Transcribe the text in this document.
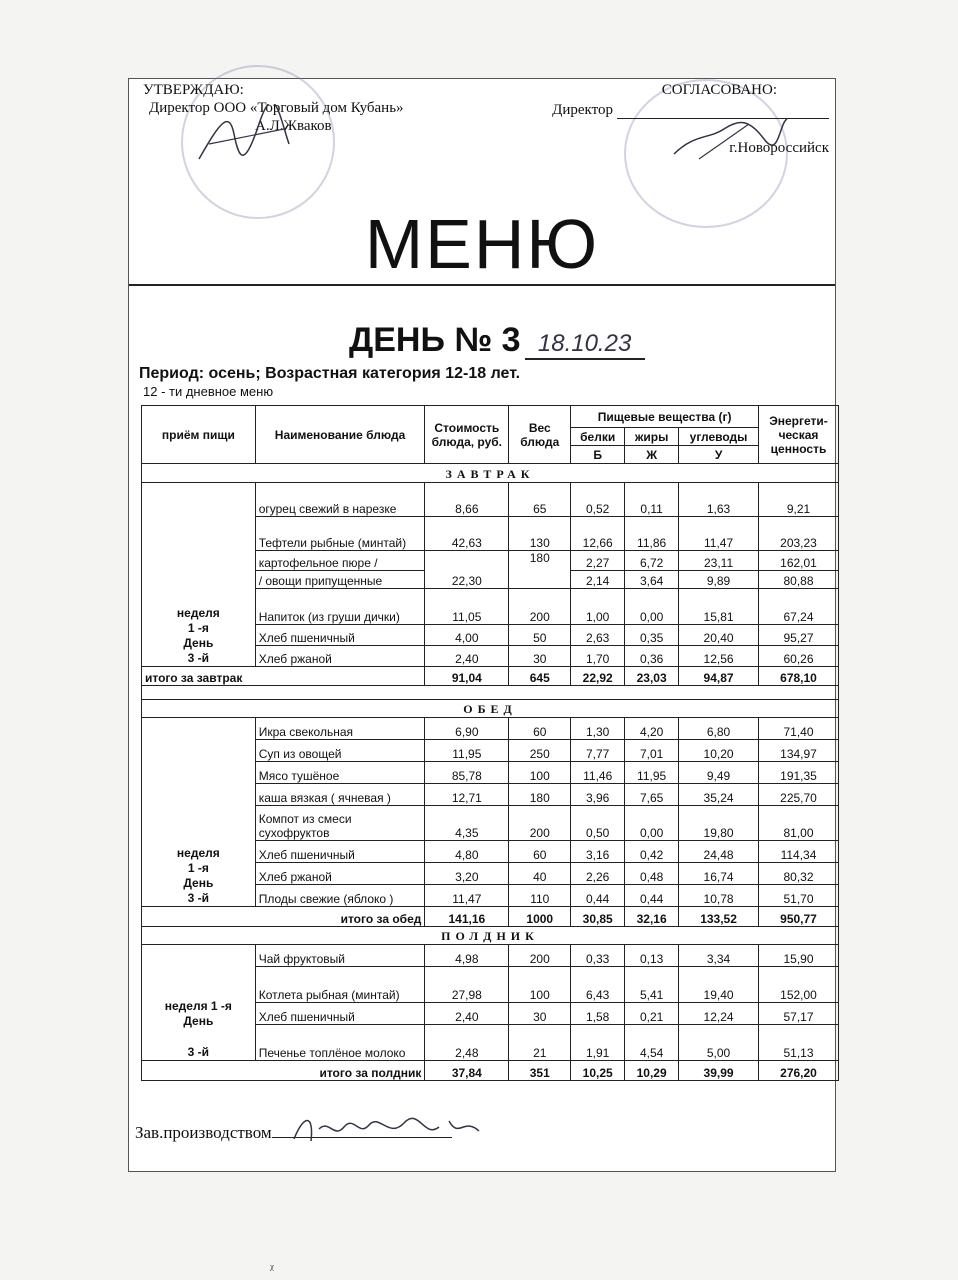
УТВЕРЖДАЮ:
Директор ООО «Торговый дом Кубань»
А.Л.Жваков
СОГЛАСОВАНО:
Директор
г.Новороссийск
МЕНЮ
ДЕНЬ № 3 18.10.23
Период: осень; Возрастная категория 12-18 лет.
12 - ти дневное меню
приём пищи	Наименование блюда	Стоимость блюда, руб.	Вес блюда	Пищевые вещества (г)			Энергети-ческая ценность
				белки	жиры	углеводы	
				Б	Ж	У	
ЗАВТРАК							

неделя
1 -я
День
3 -й	огурец свежий в нарезке	8,66	65	0,52	0,11	1,63	9,21
	Тефтели рыбные (минтай)	42,63	130	12,66	11,86	11,47	203,23
	картофельное пюре /	22,30	180	2,27	6,72	23,11	162,01
	/ овощи припущенные			2,14	3,64	9,89	80,88
	Напиток (из груши дички)	11,05	200	1,00	0,00	15,81	67,24
	Хлеб пшеничный	4,00	50	2,63	0,35	20,40	95,27
	Хлеб ржаной	2,40	30	1,70	0,36	12,56	60,26
итого за завтрак		91,04	645	22,92	23,03	94,87	678,10

ОБЕД							

неделя
1 -я
День
3 -й	Икра свекольная	6,90	60	1,30	4,20	6,80	71,40
	Суп из овощей	11,95	250	7,77	7,01	10,20	134,97
	Мясо тушёное	85,78	100	11,46	11,95	9,49	191,35
	каша вязкая ( ячневая )	12,71	180	3,96	7,65	35,24	225,70
	Компот из смеси сухофруктов	4,35	200	0,50	0,00	19,80	81,00
	Хлеб пшеничный	4,80	60	3,16	0,42	24,48	114,34
	Хлеб ржаной	3,20	40	2,26	0,48	16,74	80,32
	Плоды свежие (яблоко )	11,47	110	0,44	0,44	10,78	51,70
итого за обед		141,16	1000	30,85	32,16	133,52	950,77
ПОЛДНИК							

неделя 1 -я
День
3 -й	Чай фруктовый	4,98	200	0,33	0,13	3,34	15,90
	Котлета рыбная (минтай)	27,98	100	6,43	5,41	19,40	152,00
	Хлеб пшеничный	2,40	30	1,58	0,21	12,24	57,17
	Печенье топлёное молоко	2,48	21	1,91	4,54	5,00	51,13
итого за полдник		37,84	351	10,25	10,29	39,99	276,20
Зав.производством
ᵡ
